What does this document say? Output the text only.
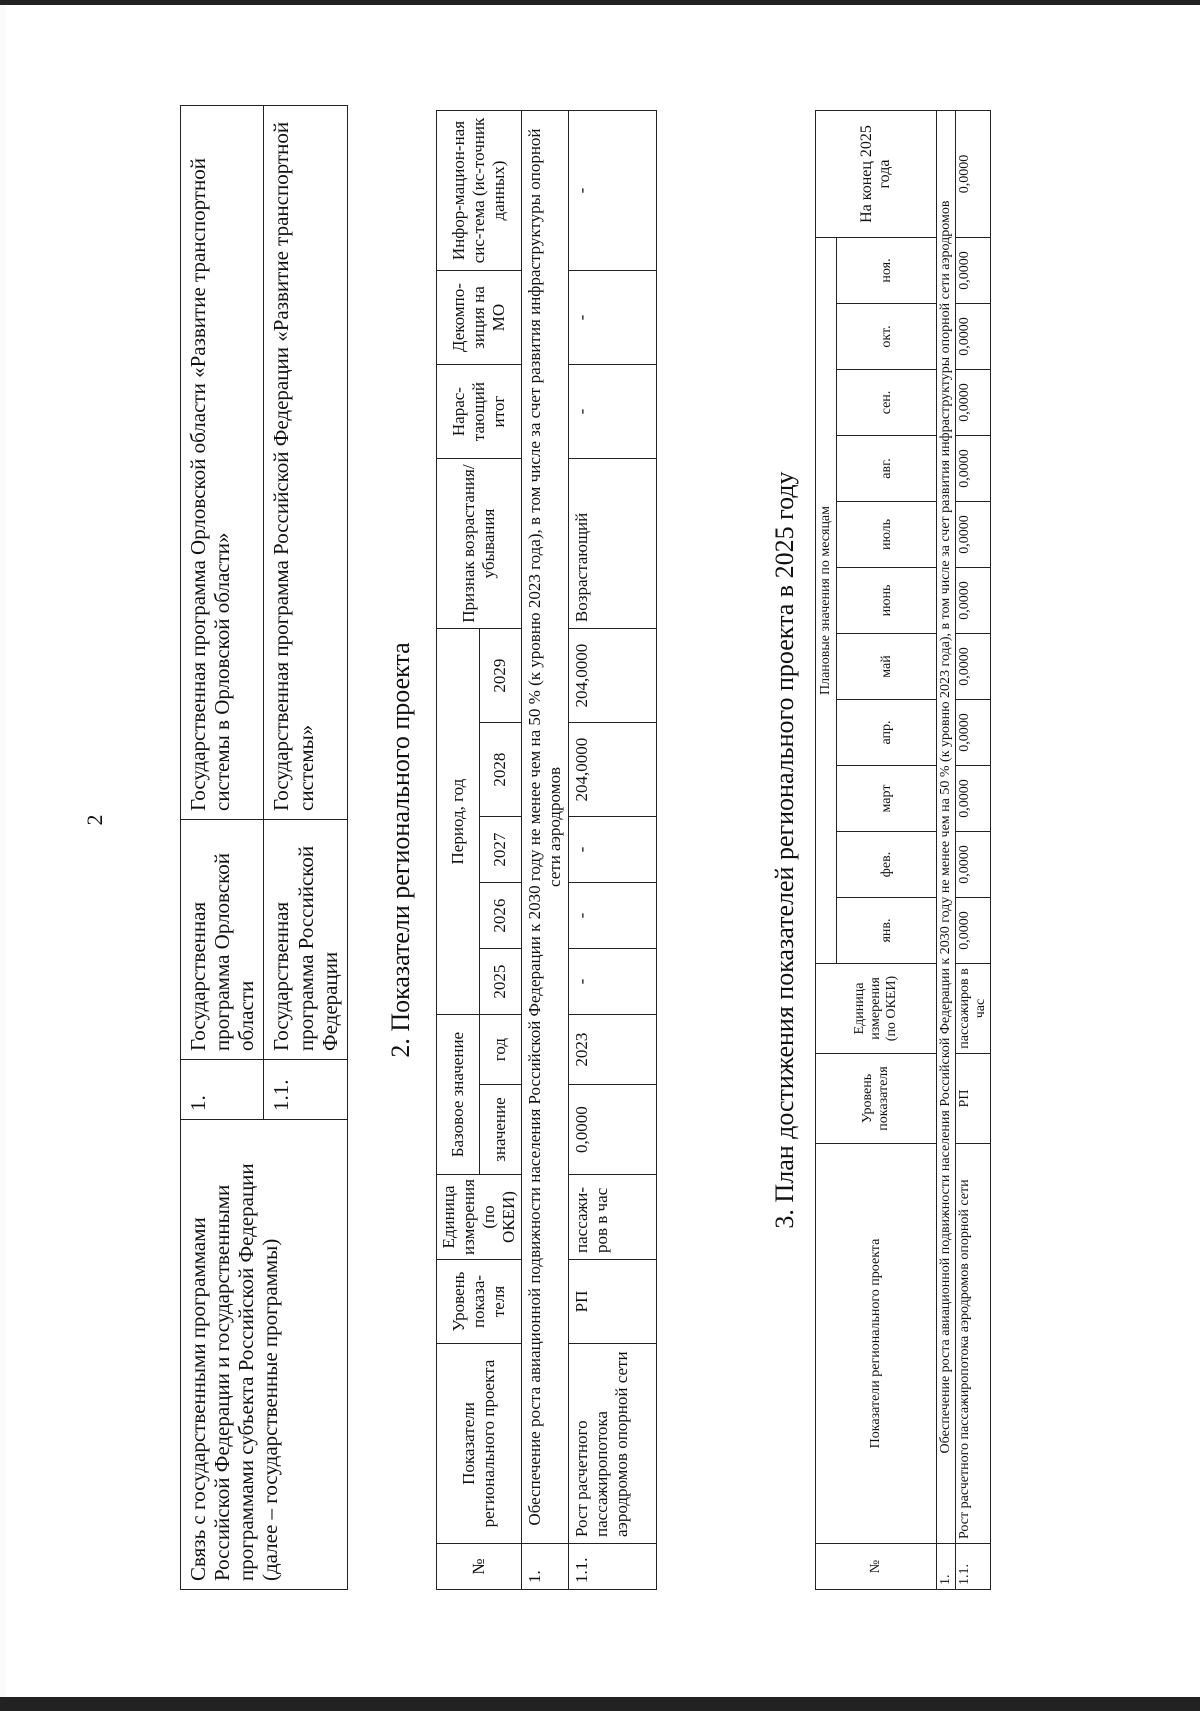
2
Связь с государственными программами Российской Федерации и государственными программами субъекта Российской Федерации (далее – государственные программы)	1.	Государственная программа Орловской области	Государственная программа Орловской области «Развитие транспортной системы в Орловской области»
	1.1.	Государственная программа Российской Федерации	Государственная программа Российской Федерации «Развитие транспортной системы»	2. Показатели регионального проекта
№	Показатели регионального проекта	Уровень показа-теля	Единица измерения (по ОКЕИ)	Базовое значение		Период, год					Признак возрастания/ убывания	Нарас-тающий итог	Декомпо-зиция на МО	Инфор-мацион-ная сис-тема (ис-точник данных)
				значение	год	2025	2026	2027	2028	2029				
1.	Обеспечение роста авиационной подвижности населения Российской Федерации к 2030 году не менее чем на 50 % (к уровню 2023 года), в том числе за счет развития инфраструктуры опорной сети аэродромов													
1.1.	Рост расчетного пассажиропотока аэродромов опорной сети	РП	пассажи-ров в час	0,0000	2023	-	-	-	204,0000	204,0000	Возрастающий	-	-	-
3. План достижения показателей регионального проекта в 2025 году
№	Показатели регионального проекта	Уровень показателя	Единица измерения (по ОКЕИ)	Плановые значения по месяцам											На конец 2025 года
				янв.	фев.	март	апр.	май	июнь	июль	авг.	сен.	окт.	ноя.	
1.	Обеспечение роста авиационной подвижности населения Российской Федерации к 2030 году не менее чем на 50 % (к уровню 2023 года), в том числе за счет развития инфраструктуры опорной сети аэродромов														
1.1.	Рост расчетного пассажиропотока аэродромов опорной сети	РП	пассажиров в час	0,0000	0,0000	0,0000	0,0000	0,0000	0,0000	0,0000	0,0000	0,0000	0,0000	0,0000	0,0000
